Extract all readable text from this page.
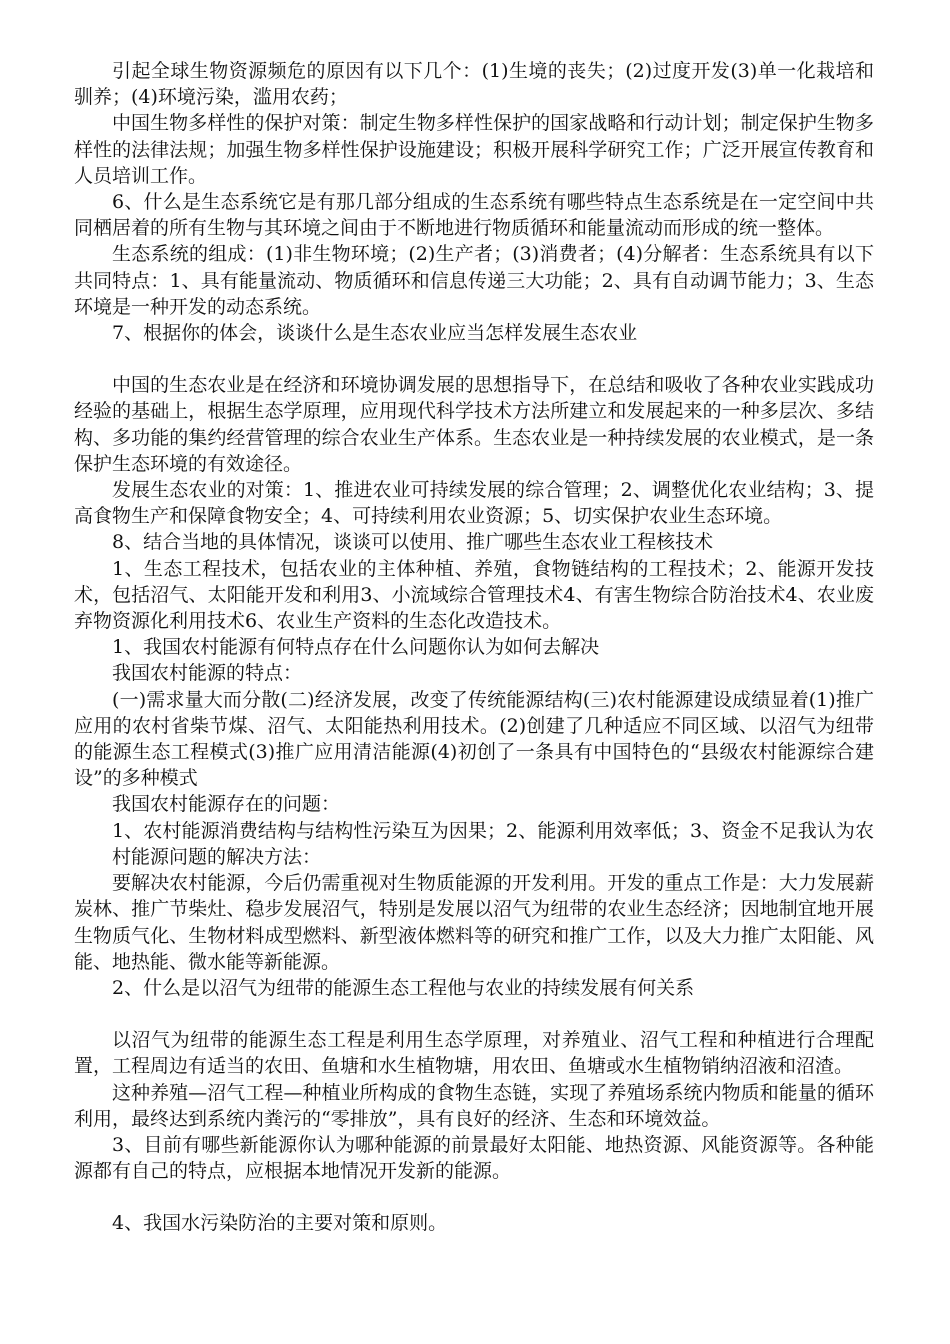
引起全球生物资源频危的原因有以下几个：(1)生境的丧失；(2)过度开发(3)单一化栽培和驯养；(4)环境污染，滥用农药；

中国生物多样性的保护对策：制定生物多样性保护的国家战略和行动计划；制定保护生物多样性的法律法规；加强生物多样性保护设施建设；积极开展科学研究工作；广泛开展宣传教育和人员培训工作。

6、什么是生态系统它是有那几部分组成的生态系统有哪些特点生态系统是在一定空间中共同栖居着的所有生物与其环境之间由于不断地进行物质循环和能量流动而形成的统一整体。

生态系统的组成：(1)非生物环境；(2)生产者；(3)消费者；(4)分解者：生态系统具有以下共同特点：1、具有能量流动、物质循环和信息传递三大功能；2、具有自动调节能力；3、生态环境是一种开发的动态系统。

7、根据你的体会，谈谈什么是生态农业应当怎样发展生态农业

中国的生态农业是在经济和环境协调发展的思想指导下，在总结和吸收了各种农业实践成功经验的基础上，根据生态学原理，应用现代科学技术方法所建立和发展起来的一种多层次、多结构、多功能的集约经营管理的综合农业生产体系。生态农业是一种持续发展的农业模式，是一条保护生态环境的有效途径。

发展生态农业的对策：1、推进农业可持续发展的综合管理；2、调整优化农业结构；3、提高食物生产和保障食物安全；4、可持续利用农业资源；5、切实保护农业生态环境。

8、结合当地的具体情况，谈谈可以使用、推广哪些生态农业工程核技术

1、生态工程技术，包括农业的主体种植、养殖，食物链结构的工程技术；2、能源开发技术，包括沼气、太阳能开发和利用3、小流域综合管理技术4、有害生物综合防治技术4、农业废弃物资源化利用技术6、农业生产资料的生态化改造技术。

1、我国农村能源有何特点存在什么问题你认为如何去解决

我国农村能源的特点：

(一)需求量大而分散(二)经济发展，改变了传统能源结构(三)农村能源建设成绩显着(1)推广应用的农村省柴节煤、沼气、太阳能热利用技术。(2)创建了几种适应不同区域、以沼气为纽带的能源生态工程模式(3)推广应用清洁能源(4)初创了一条具有中国特色的“县级农村能源综合建设”的多种模式

我国农村能源存在的问题：

1、农村能源消费结构与结构性污染互为因果；2、能源利用效率低；3、资金不足我认为农村能源问题的解决方法：

要解决农村能源，今后仍需重视对生物质能源的开发利用。开发的重点工作是：大力发展薪炭林、推广节柴灶、稳步发展沼气，特别是发展以沼气为纽带的农业生态经济；因地制宜地开展生物质气化、生物材料成型燃料、新型液体燃料等的研究和推广工作，以及大力推广太阳能、风能、地热能、微水能等新能源。

2、什么是以沼气为纽带的能源生态工程他与农业的持续发展有何关系

以沼气为纽带的能源生态工程是利用生态学原理，对养殖业、沼气工程和种植进行合理配置，工程周边有适当的农田、鱼塘和水生植物塘，用农田、鱼塘或水生植物销纳沼液和沼渣。

这种养殖—沼气工程—种植业所构成的食物生态链，实现了养殖场系统内物质和能量的循环利用，最终达到系统内粪污的“零排放”，具有良好的经济、生态和环境效益。

3、目前有哪些新能源你认为哪种能源的前景最好太阳能、地热资源、风能资源等。各种能源都有自己的特点，应根据本地情况开发新的能源。

4、我国水污染防治的主要对策和原则。
